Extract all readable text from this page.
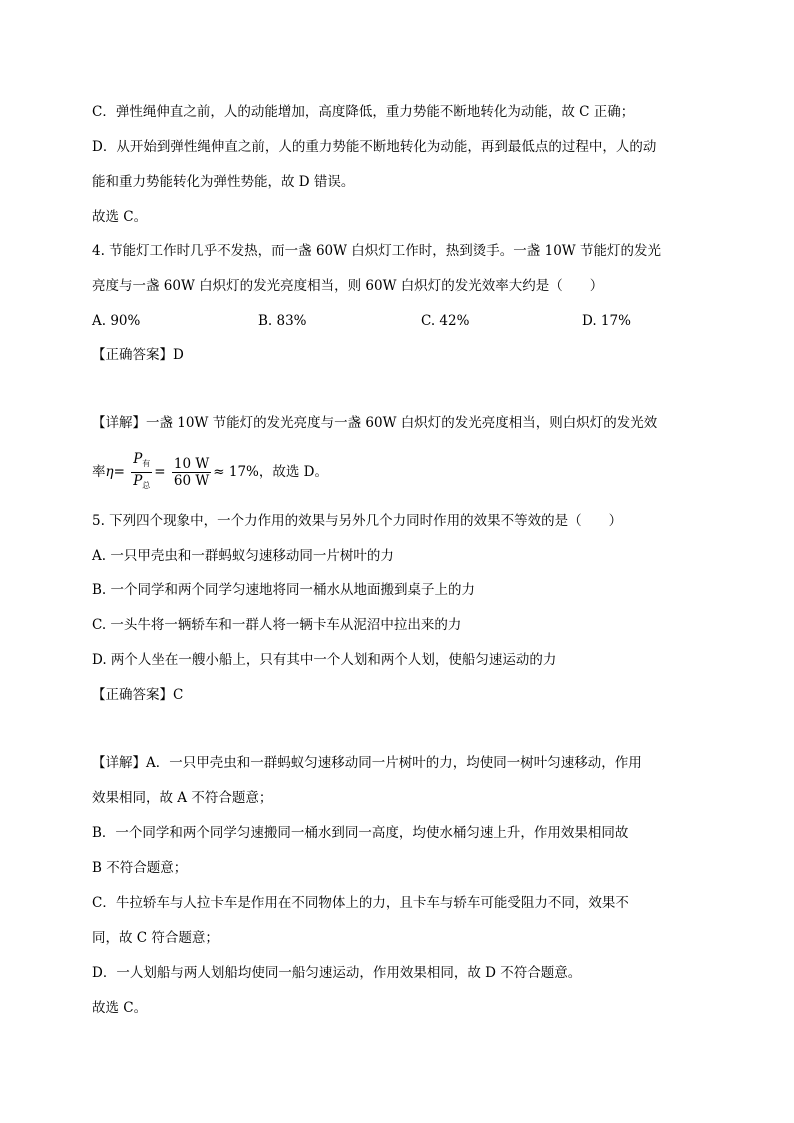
C．弹性绳伸直之前，人的动能增加，高度降低，重力势能不断地转化为动能，故 C 正确；
D．从开始到弹性绳伸直之前，人的重力势能不断地转化为动能，再到最低点的过程中，人的动
能和重力势能转化为弹性势能，故 D 错误。
故选 C。
4. 节能灯工作时几乎不发热，而一盏 60W 白炽灯工作时，热到烫手。一盏 10W 节能灯的发光
亮度与一盏 60W 白炽灯的发光亮度相当，则 60W 白炽灯的发光效率大约是（　　）
A. 90%	B. 83%	C. 42%	D. 17%
【正确答案】D
【详解】一盏 10W 节能灯的发光亮度与一盏 60W 白炽灯的发光亮度相当，则白炽灯的发光效
率$\eta= \frac{P_有}{P_总} = \frac{10 W}{60 W} \approx 17\%$，故选 D。
5. 下列四个现象中，一个力作用的效果与另外几个力同时作用的效果不等效的是（　　）
A. 一只甲壳虫和一群蚂蚁匀速移动同一片树叶的力
B. 一个同学和两个同学匀速地将同一桶水从地面搬到桌子上的力
C. 一头牛将一辆轿车和一群人将一辆卡车从泥沼中拉出来的力
D. 两个人坐在一艘小船上，只有其中一个人划和两个人划，使船匀速运动的力
【正确答案】C
【详解】A．一只甲壳虫和一群蚂蚁匀速移动同一片树叶的力，均使同一树叶匀速移动，作用
效果相同，故 A 不符合题意；
B．一个同学和两个同学匀速搬同一桶水到同一高度，均使水桶匀速上升，作用效果相同故
B 不符合题意；
C．牛拉轿车与人拉卡车是作用在不同物体上的力，且卡车与轿车可能受阻力不同，效果不
同，故 C 符合题意；
D．一人划船与两人划船均使同一船匀速运动，作用效果相同，故 D 不符合题意。
故选 C。
